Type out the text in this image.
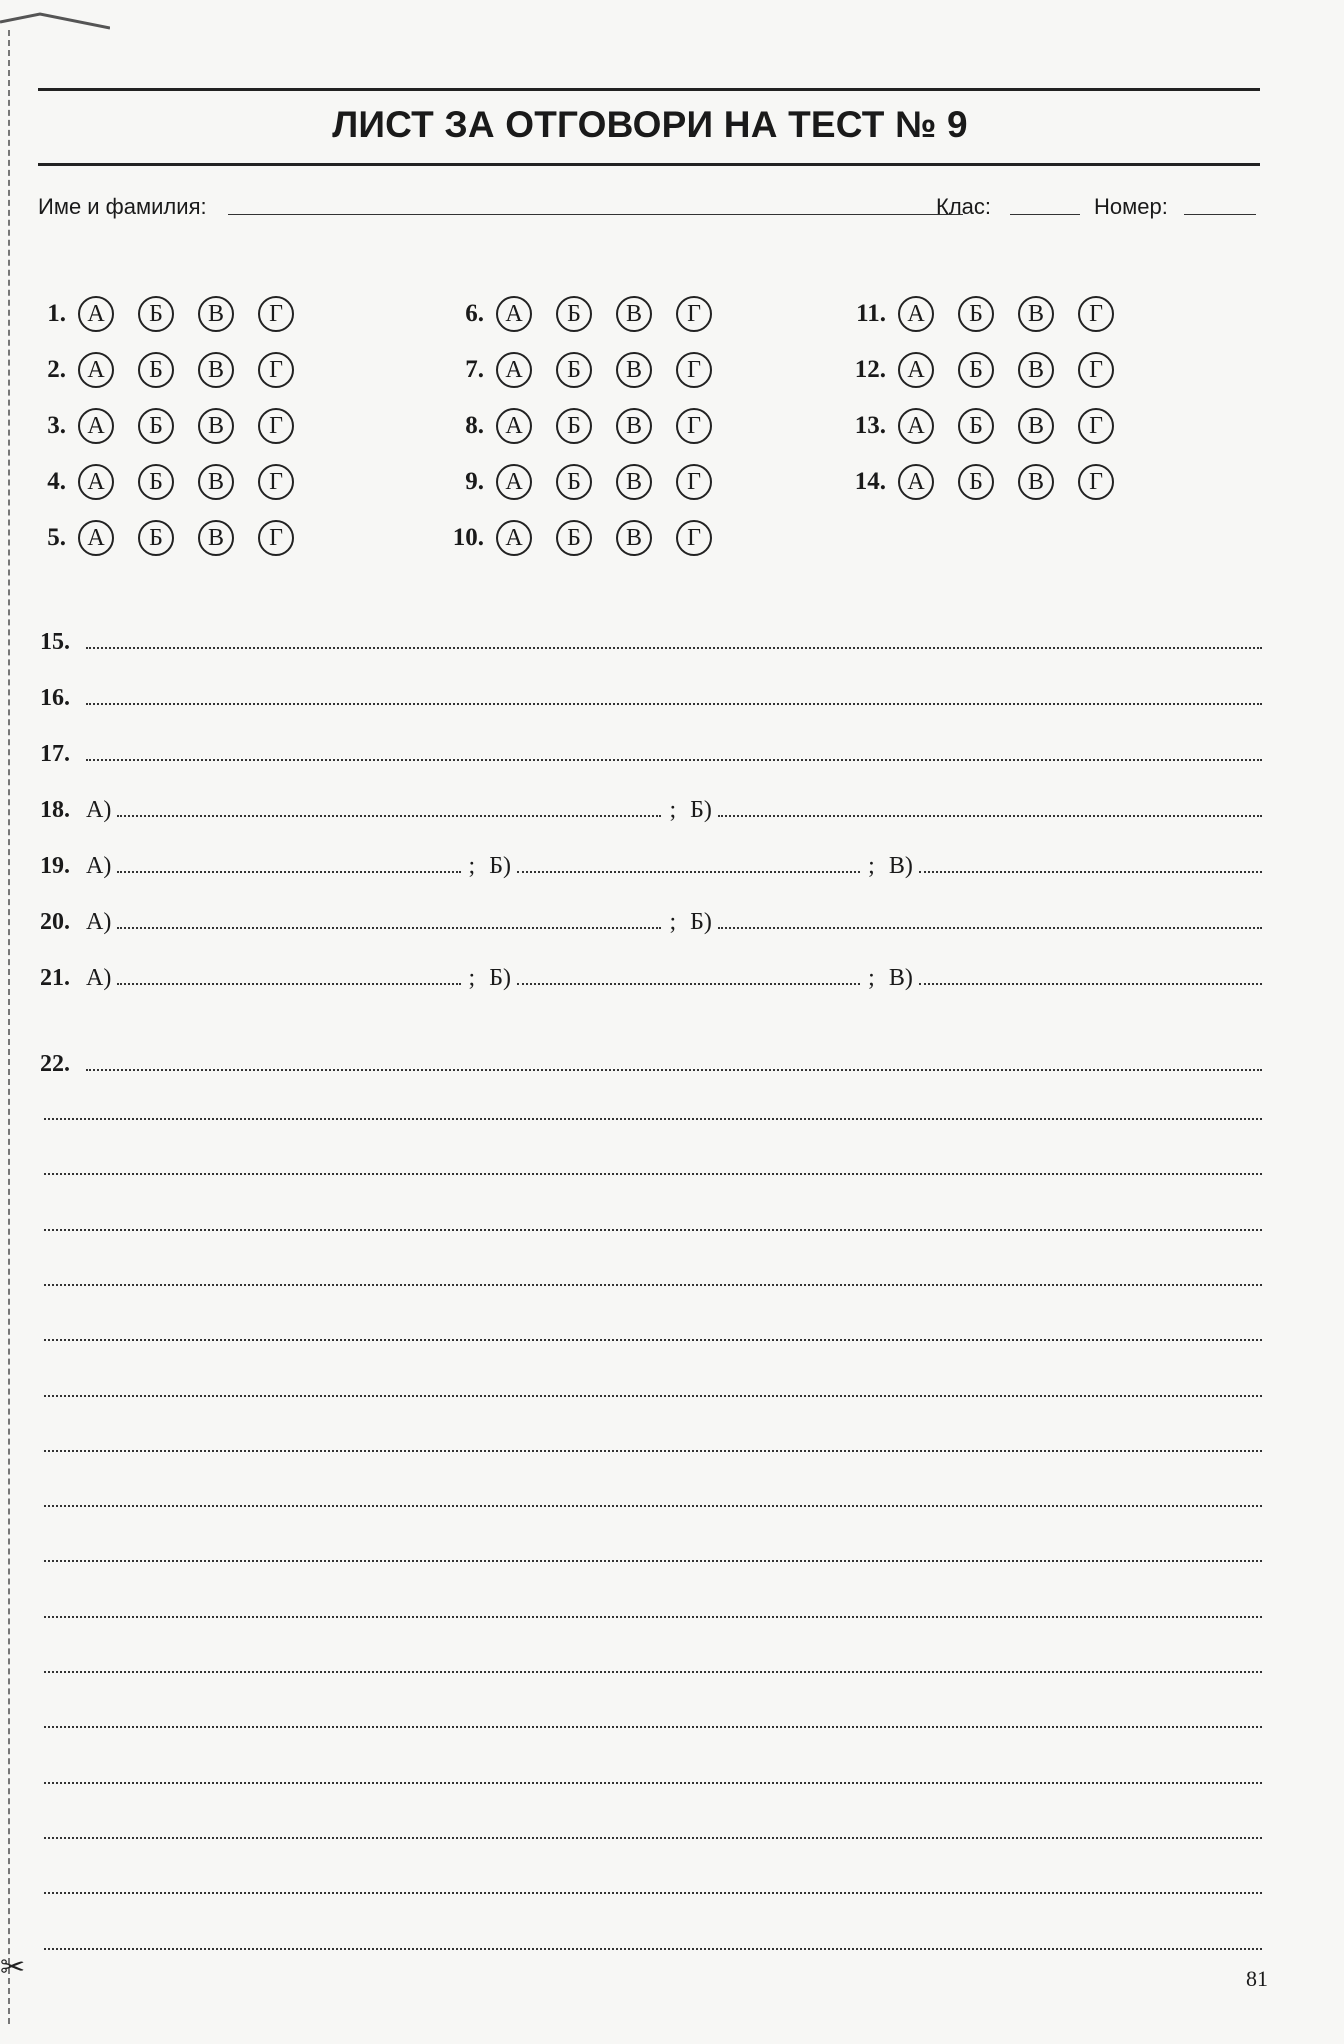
✂
ЛИСТ ЗА ОТГОВОРИ НА ТЕСТ № 9
Име и фамилия:	Клас:	Номер:
1. А	Б	В	Г
2. А	Б	В	Г
3. А	Б	В	Г
4. А	Б	В	Г
5. А	Б	В	Г
6. А	Б	В	Г
7. А	Б	В	Г
8. А	Б	В	Г
9. А	Б	В	Г
10. А	Б	В	Г
11. А	Б	В	Г
12. А	Б	В	Г
13. А	Б	В	Г
14. А	Б	В	Г
15.
16.
17.
18. А)	; Б)
19. А)	; Б)	; В)
20. А)	; Б)
21. А)	; Б)	; В)
22.
81
